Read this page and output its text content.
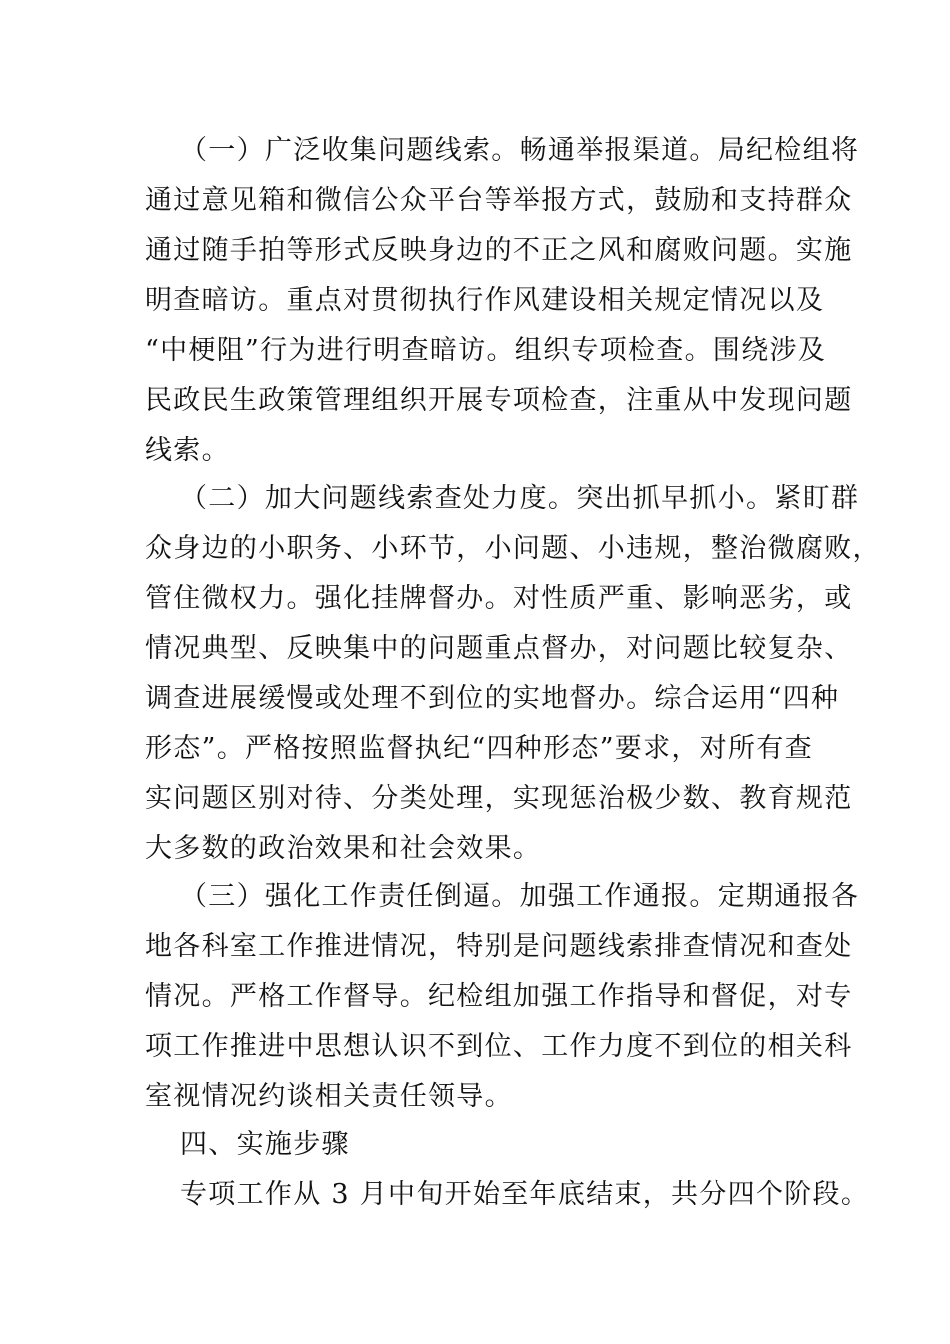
（一）广泛收集问题线索。畅通举报渠道。局纪检组将
通过意见箱和微信公众平台等举报方式，鼓励和支持群众
通过随手拍等形式反映身边的不正之风和腐败问题。实施
明查暗访。重点对贯彻执行作风建设相关规定情况以及
“中梗阻”行为进行明查暗访。组织专项检查。围绕涉及
民政民生政策管理组织开展专项检查，注重从中发现问题
线索。
（二）加大问题线索查处力度。突出抓早抓小。紧盯群
众身边的小职务、小环节，小问题、小违规，整治微腐败，
管住微权力。强化挂牌督办。对性质严重、影响恶劣，或
情况典型、反映集中的问题重点督办，对问题比较复杂、
调查进展缓慢或处理不到位的实地督办。综合运用“四种
形态”。严格按照监督执纪“四种形态”要求，对所有查
实问题区别对待、分类处理，实现惩治极少数、教育规范
大多数的政治效果和社会效果。
（三）强化工作责任倒逼。加强工作通报。定期通报各
地各科室工作推进情况，特别是问题线索排查情况和查处
情况。严格工作督导。纪检组加强工作指导和督促，对专
项工作推进中思想认识不到位、工作力度不到位的相关科
室视情况约谈相关责任领导。
四、实施步骤
专项工作从 3 月中旬开始至年底结束，共分四个阶段。
